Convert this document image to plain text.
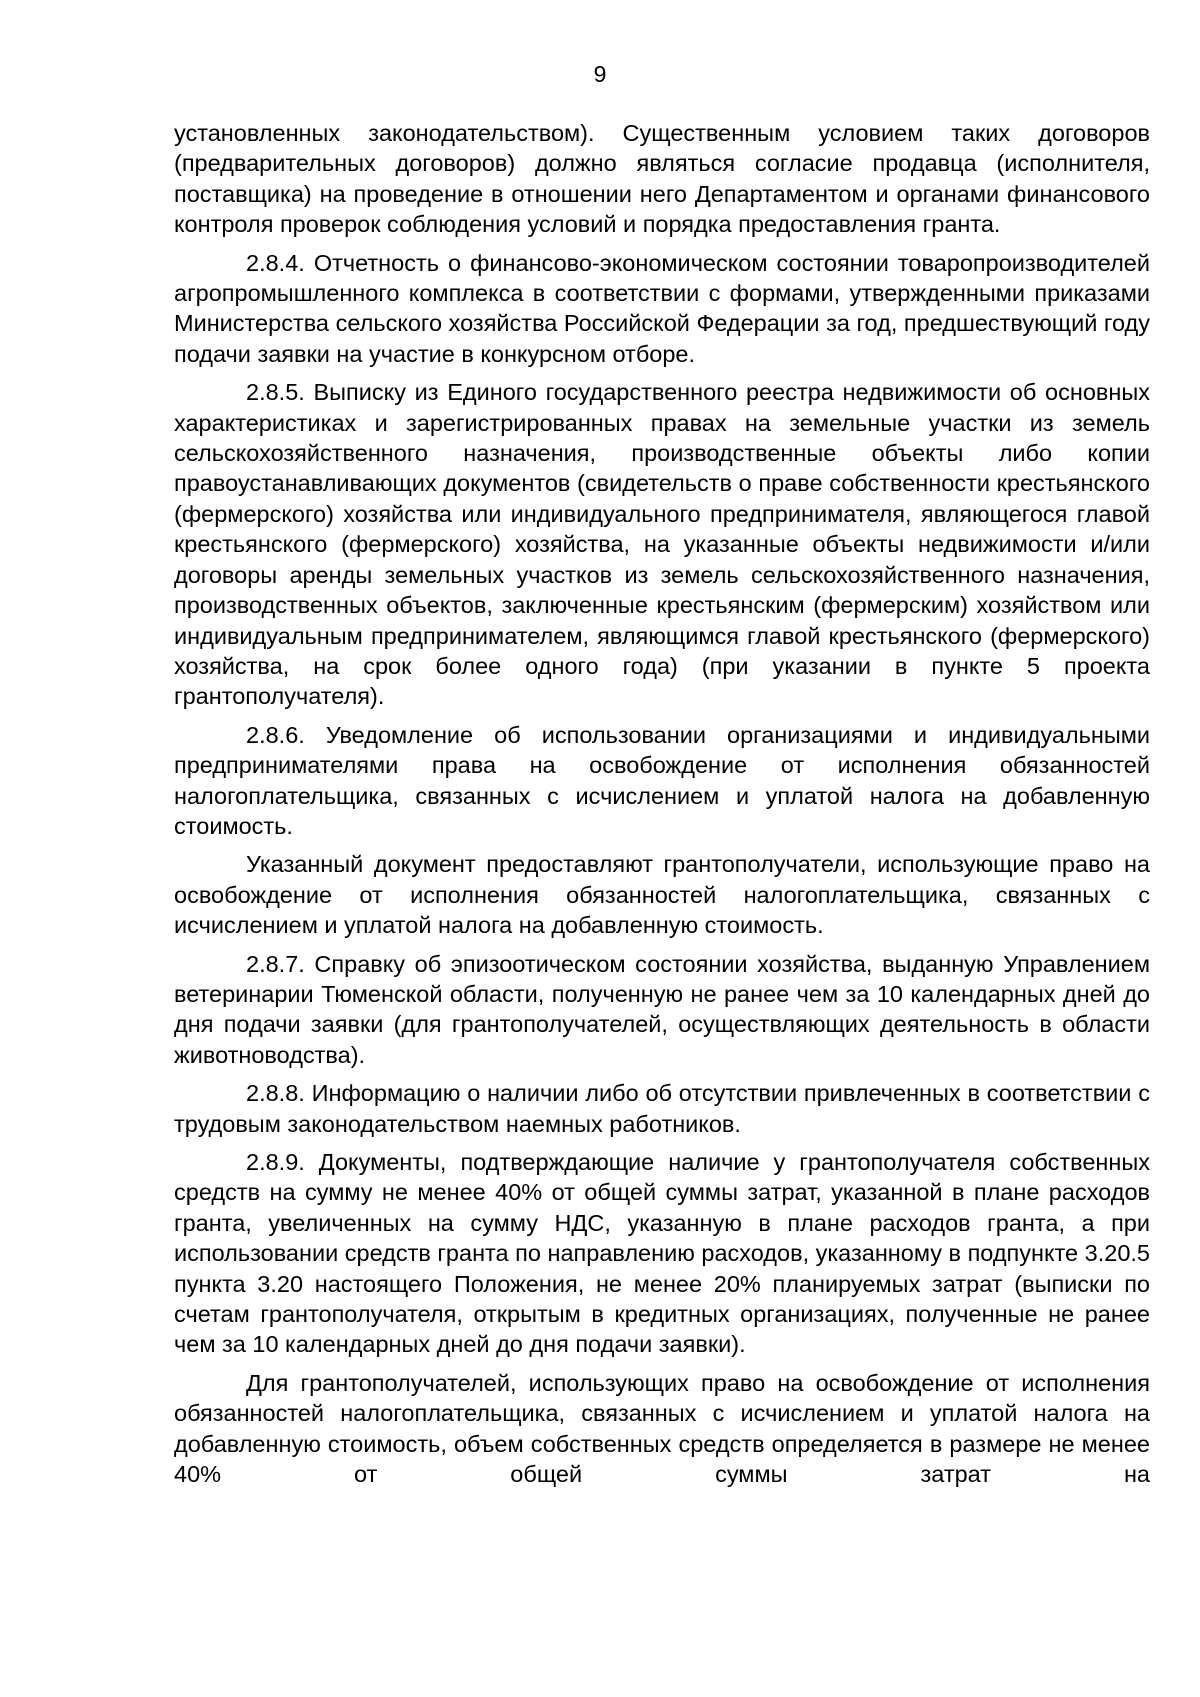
9

установленных законодательством). Существенным условием таких договоров (предварительных договоров) должно являться согласие продавца (исполнителя, поставщика) на проведение в отношении него Департаментом и органами финансового контроля проверок соблюдения условий и порядка предоставления гранта.

2.8.4. Отчетность о финансово-экономическом состоянии товаропроизводителей агропромышленного комплекса в соответствии с формами, утвержденными приказами Министерства сельского хозяйства Российской Федерации за год, предшествующий году подачи заявки на участие в конкурсном отборе.

2.8.5. Выписку из Единого государственного реестра недвижимости об основных характеристиках и зарегистрированных правах на земельные участки из земель сельскохозяйственного назначения, производственные объекты либо копии правоустанавливающих документов (свидетельств о праве собственности крестьянского (фермерского) хозяйства или индивидуального предпринимателя, являющегося главой крестьянского (фермерского) хозяйства, на указанные объекты недвижимости и/или договоры аренды земельных участков из земель сельскохозяйственного назначения, производственных объектов, заключенные крестьянским (фермерским) хозяйством или индивидуальным предпринимателем, являющимся главой крестьянского (фермерского) хозяйства, на срок более одного года) (при указании в пункте 5 проекта грантополучателя).

2.8.6. Уведомление об использовании организациями и индивидуальными предпринимателями права на освобождение от исполнения обязанностей налогоплательщика, связанных с исчислением и уплатой налога на добавленную стоимость.

Указанный документ предоставляют грантополучатели, использующие право на освобождение от исполнения обязанностей налогоплательщика, связанных с исчислением и уплатой налога на добавленную стоимость.

2.8.7. Справку об эпизоотическом состоянии хозяйства, выданную Управлением ветеринарии Тюменской области, полученную не ранее чем за 10 календарных дней до дня подачи заявки (для грантополучателей, осуществляющих деятельность в области животноводства).

2.8.8. Информацию о наличии либо об отсутствии привлеченных в соответствии с трудовым законодательством наемных работников.

2.8.9. Документы, подтверждающие наличие у грантополучателя собственных средств на сумму не менее 40% от общей суммы затрат, указанной в плане расходов гранта, увеличенных на сумму НДС, указанную в плане расходов гранта, а при использовании средств гранта по направлению расходов, указанному в подпункте 3.20.5 пункта 3.20 настоящего Положения, не менее 20% планируемых затрат (выписки по счетам грантополучателя, открытым в кредитных организациях, полученные не ранее чем за 10 календарных дней до дня подачи заявки).

Для грантополучателей, использующих право на освобождение от исполнения обязанностей налогоплательщика, связанных с исчислением и уплатой налога на добавленную стоимость, объем собственных средств определяется в размере не менее 40% от общей суммы затрат на
